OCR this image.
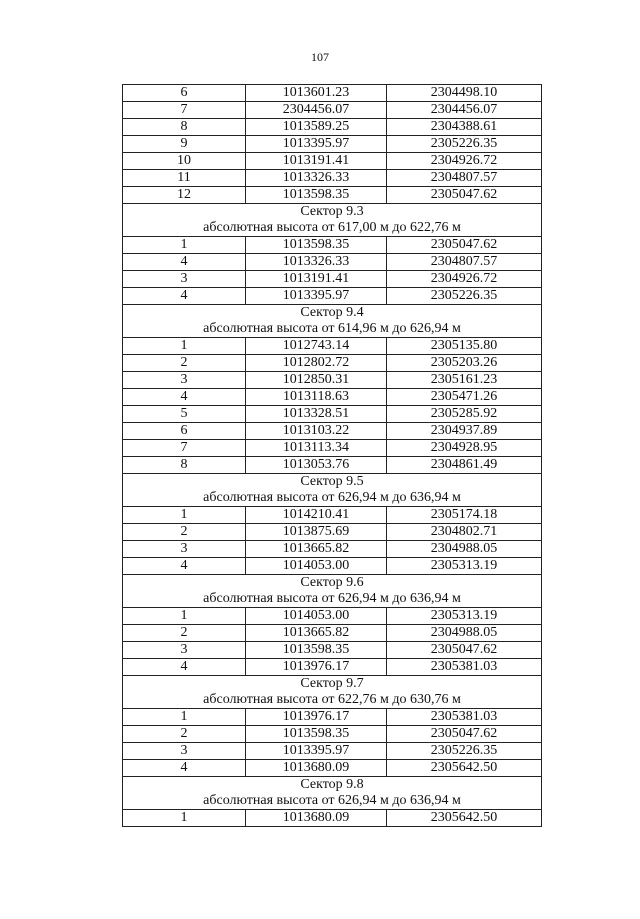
107
6	1013601.23	2304498.10
7	2304456.07	2304456.07
8	1013589.25	2304388.61
9	1013395.97	2305226.35
10	1013191.41	2304926.72
11	1013326.33	2304807.57
12	1013598.35	2305047.62
Сектор 9.3		
абсолютная высота от 617,00 м до 622,76 м		
1	1013598.35	2305047.62
4	1013326.33	2304807.57
3	1013191.41	2304926.72
4	1013395.97	2305226.35
Сектор 9.4		
абсолютная высота от 614,96 м до 626,94 м		
1	1012743.14	2305135.80
2	1012802.72	2305203.26
3	1012850.31	2305161.23
4	1013118.63	2305471.26
5	1013328.51	2305285.92
6	1013103.22	2304937.89
7	1013113.34	2304928.95
8	1013053.76	2304861.49
Сектор 9.5		
абсолютная высота от 626,94 м до 636,94 м		
1	1014210.41	2305174.18
2	1013875.69	2304802.71
3	1013665.82	2304988.05
4	1014053.00	2305313.19
Сектор 9.6		
абсолютная высота от 626,94 м до 636,94 м		
1	1014053.00	2305313.19
2	1013665.82	2304988.05
3	1013598.35	2305047.62
4	1013976.17	2305381.03
Сектор 9.7		
абсолютная высота от 622,76 м до 630,76 м		
1	1013976.17	2305381.03
2	1013598.35	2305047.62
3	1013395.97	2305226.35
4	1013680.09	2305642.50
Сектор 9.8		
абсолютная высота от 626,94 м до 636,94 м		
1	1013680.09	2305642.50
